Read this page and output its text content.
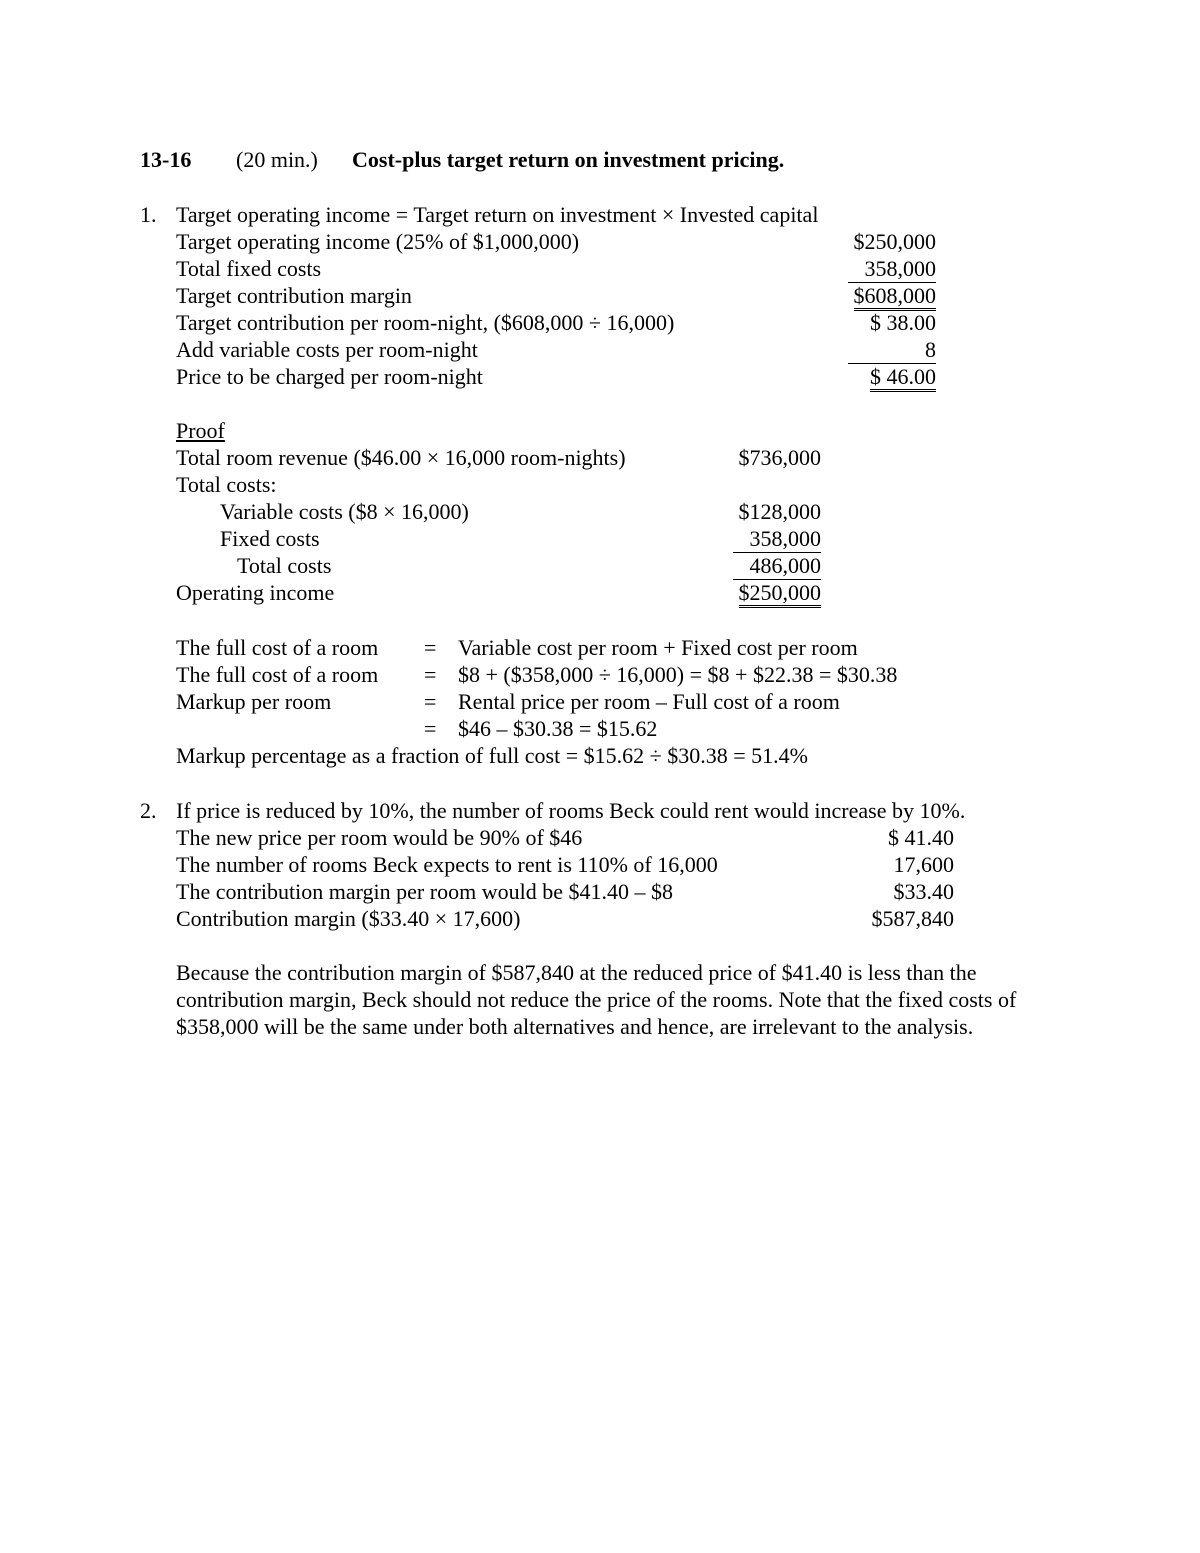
13-16 (20 min.) Cost-plus target return on investment pricing.
1. Target operating income = Target return on investment × Invested capital
Target operating income (25% of $1,000,000)	$250,000
Total fixed costs	358,000
Target contribution margin	$608,000
Target contribution per room-night, ($608,000 ÷ 16,000)	$ 38.00
Add variable costs per room-night	8
Price to be charged per room-night	$ 46.00
Proof
Total room revenue ($46.00 × 16,000 room-nights)	$736,000
Total costs:
Variable costs ($8 × 16,000)	$128,000
Fixed costs	358,000
Total costs	486,000
Operating income	$250,000
The full cost of a room = Variable cost per room + Fixed cost per room
The full cost of a room = $8 + ($358,000 ÷ 16,000) = $8 + $22.38 = $30.38
Markup per room	= Rental price per room – Full cost of a room
= $46 – $30.38 = $15.62
Markup percentage as a fraction of full cost = $15.62 ÷ $30.38 = 51.4%
2. If price is reduced by 10%, the number of rooms Beck could rent would increase by 10%.
The new price per room would be 90% of $46	$ 41.40
The number of rooms Beck expects to rent is 110% of 16,000	17,600
The contribution margin per room would be $41.40 – $8	$33.40
Contribution margin ($33.40 × 17,600)	$587,840
Because the contribution margin of $587,840 at the reduced price of $41.40 is less than the contribution margin, Beck should not reduce the price of the rooms. Note that the fixed costs of $358,000 will be the same under both alternatives and hence, are irrelevant to the analysis.
